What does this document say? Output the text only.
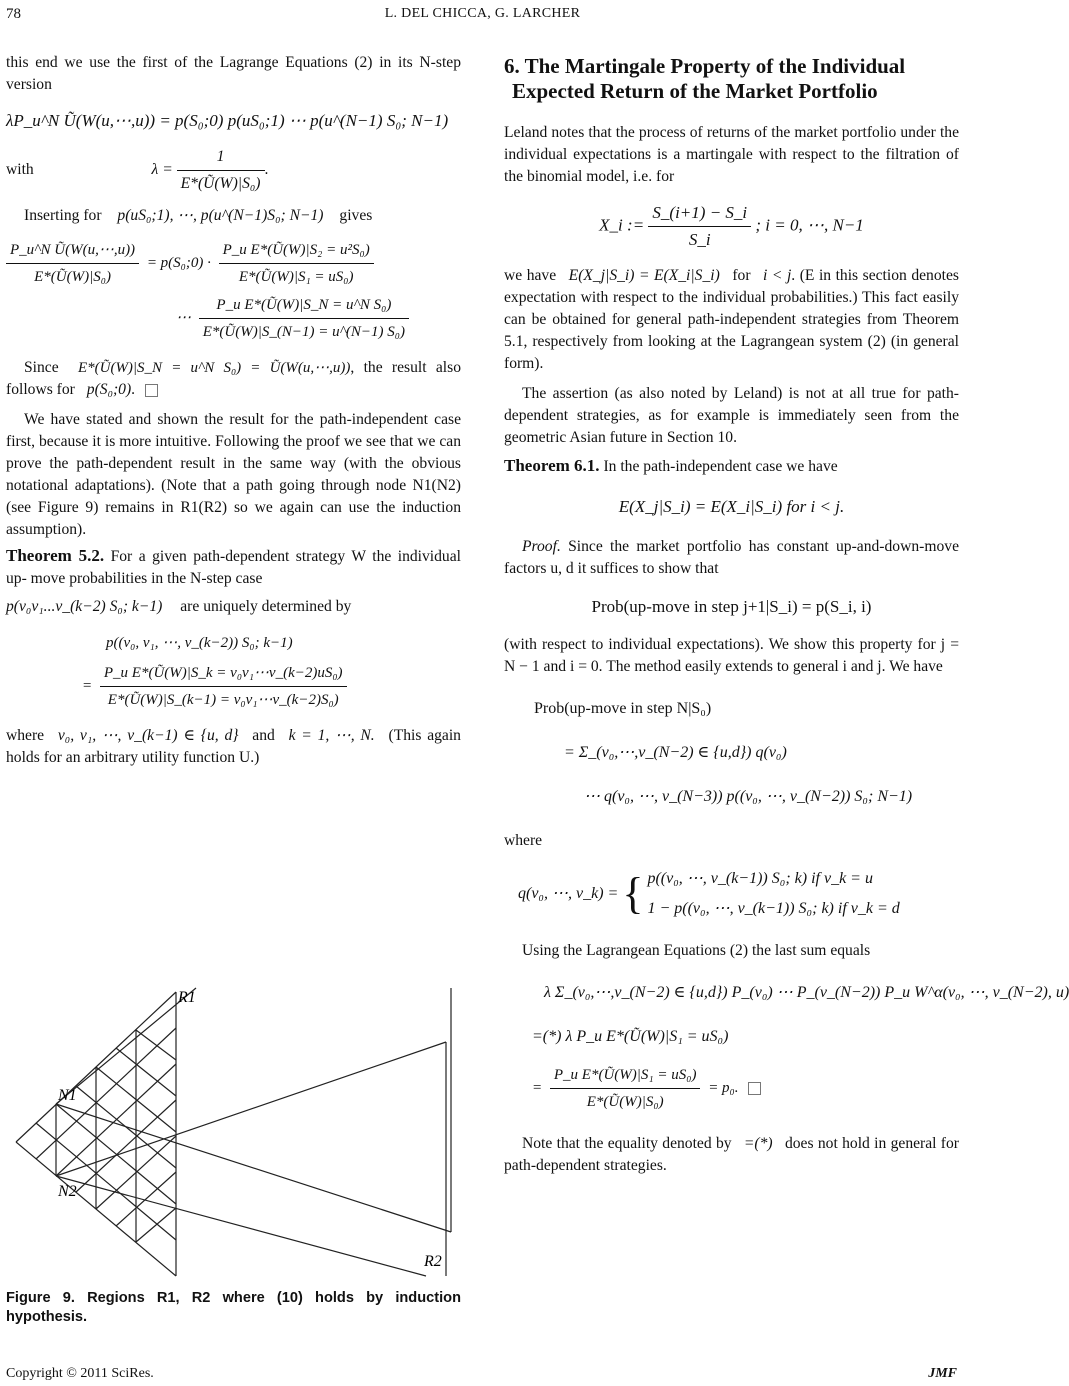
78	L. DEL CHICCA, G. LARCHER

this end we use the first of the Lagrange Equations (2) in its N-step version

λP_u^N Ũ(W(u,⋯,u)) = p(S₀;0) p(uS₀;1) ⋯ p(u^(N−1) S₀; N−1)
with	$\lambda = \frac{1}{\text{E*(Ũ(W)|S₀)}}$ .

Inserting for p(uS₀;1), ⋯, p(u^(N−1)S₀; N−1) gives

$\frac{\text{P\_u\textasciicircum{}N Ũ(W(u,⋯,u))}}{\text{E*(Ũ(W)|S₀)}}$ = p(S₀;0) · $\frac{\text{P\_u E*(Ũ(W)|S₂ = u²S₀)}}{\text{E*(Ũ(W)|S₁ = uS₀)}}$
⋯ $\frac{\text{P\_u E*(Ũ(W)|S\_N = u\textasciicircum{}N S₀)}}{\text{E*(Ũ(W)|S\_(N−1) = u\textasciicircum{}(N−1) S₀)}}$

Since E*(Ũ(W)|S_N = u^N S₀) = Ũ(W(u,⋯,u)), the result also follows for p(S₀;0).

We have stated and shown the result for the path-independent case first, because it is more intuitive. Following the proof we see that we can prove the path-dependent result in the same way (with the obvious notational adaptations). (Note that a path going through node N1(N2) (see Figure 9) remains in R1(R2) so we again can use the induction assumption).

Theorem 5.2. For a given path-dependent strategy W the individual up- move probabilities in the N-step case

p(v₀v₁...v_(k−2) S₀; k−1) are uniquely determined by

p((v₀, v₁, ⋯, v_(k−2)) S₀; k−1)
= $\frac{\text{P\_u E*(Ũ(W)|S\_k = v₀v₁⋯v\_(k−2)uS₀)}}{\text{E*(Ũ(W)|S\_(k−1) = v₀v₁⋯v\_(k−2)S₀)}}$

where v₀, v₁, ⋯, v_(k−1) ∈ {u, d} and k = 1, ⋯, N. (This again holds for an arbitrary utility function U.)

R1
N1
N2
R2
Figure 9. Regions R1, R2 where (10) holds by induction hypothesis.
6. The Martingale Property of the Individual
Expected Return of the Market Portfolio

Leland notes that the process of returns of the market portfolio under the individual expectations is a martingale with respect to the filtration of the binomial model, i.e. for

X_i := $\frac{S\_(i+1) - S\_i}{S\_i}$ ; i = 0, ⋯, N−1

we have E(X_j|S_i) = E(X_i|S_i) for i < j. (E in this section denotes expectation with respect to the individual probabilities.) This fact easily can be obtained for general path-independent strategies from Theorem 5.1, respectively from looking at the Lagrangean system (2) (in general form).

The assertion (as also noted by Leland) is not at all true for path-dependent strategies, as for example is immediately seen from the geometric Asian future in Section 10.

Theorem 6.1. In the path-independent case we have

E(X_j|S_i) = E(X_i|S_i) for i < j.

Proof. Since the market portfolio has constant up-and-down-move factors u, d it suffices to show that

Prob(up-move in step j+1|S_i) = p(S_i, i)

(with respect to individual expectations). We show this property for j = N − 1 and i = 0. The method easily extends to general i and j. We have

Prob(up-move in step N|S₀)
= Σ_(v₀,⋯,v_(N−2) ∈ {u,d}) q(v₀)
⋯ q(v₀, ⋯, v_(N−3)) p((v₀, ⋯, v_(N−2)) S₀; N−1)

where

q(v₀, ⋯, v_k) = { p((v₀, ⋯, v_(k−1)) S₀; k) if v_k = u
1 − p((v₀, ⋯, v_(k−1)) S₀; k) if v_k = d

Using the Lagrangean Equations (2) the last sum equals

λ Σ_(v₀,⋯,v_(N−2) ∈ {u,d}) P_(v₀) ⋯ P_(v_(N−2)) P_u W^α(v₀, ⋯, v_(N−2), u)
=(*) λ P_u E*(Ũ(W)|S₁ = uS₀)
= $\frac{\text{P\_u E*(Ũ(W)|S₁ = uS₀)}}{\text{E*(Ũ(W)|S₀)}} = p_0$.

Note that the equality denoted by =(*) does not hold in general for path-dependent strategies.

Copyright © 2011 SciRes.	JMF
